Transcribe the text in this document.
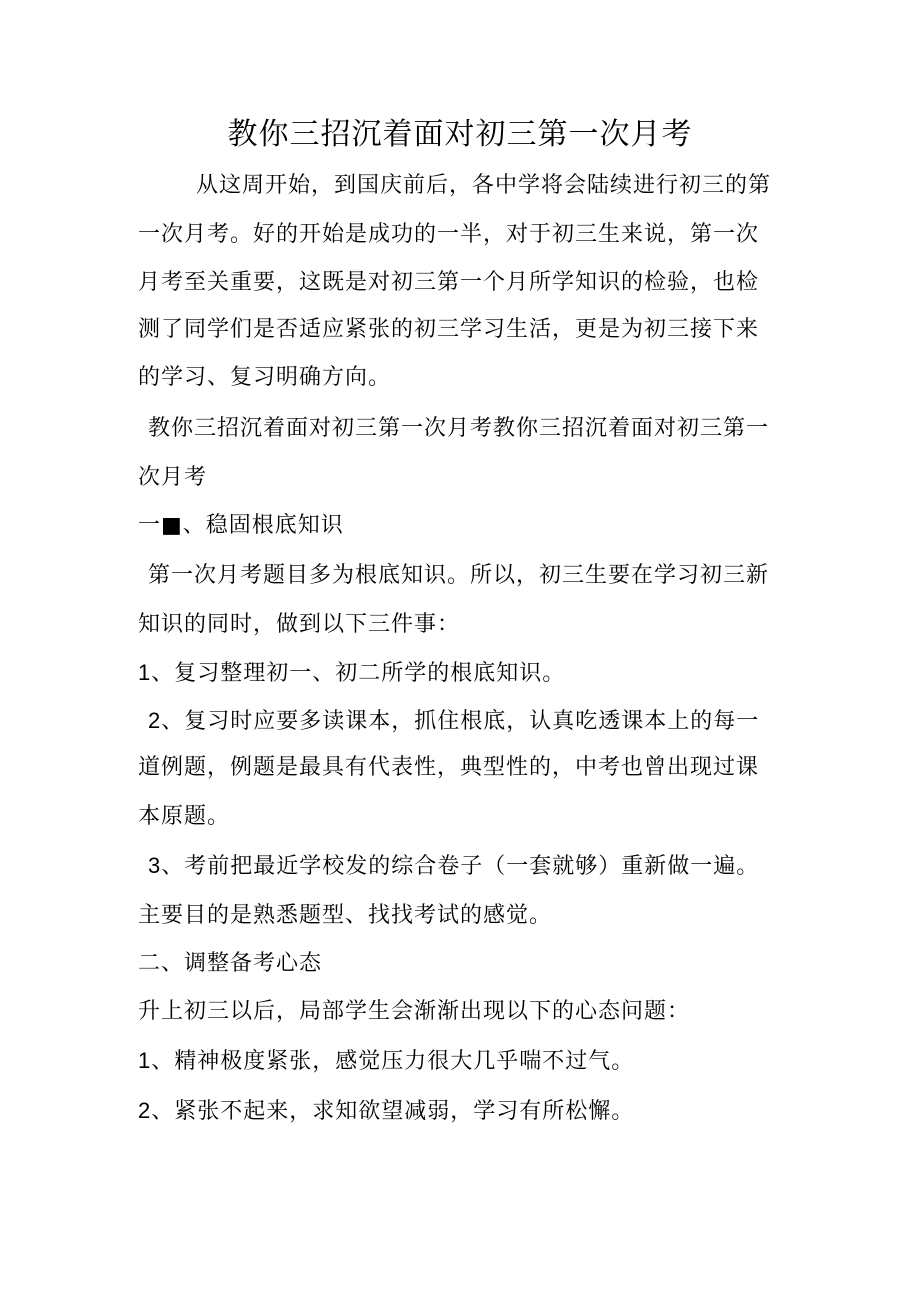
教你三招沉着面对初三第一次月考
从这周开始，到国庆前后，各中学将会陆续进行初三的第
一次月考。好的开始是成功的一半，对于初三生来说，第一次
月考至关重要，这既是对初三第一个月所学知识的检验，也检
测了同学们是否适应紧张的初三学习生活，更是为初三接下来
的学习、复习明确方向。
教你三招沉着面对初三第一次月考教你三招沉着面对初三第一
次月考
一■、稳固根底知识
第一次月考题目多为根底知识。所以，初三生要在学习初三新
知识的同时，做到以下三件事：
1、复习整理初一、初二所学的根底知识。
2、复习时应要多读课本，抓住根底，认真吃透课本上的每一
道例题，例题是最具有代表性，典型性的，中考也曾出现过课
本原题。
3、考前把最近学校发的综合卷子（一套就够）重新做一遍。
主要目的是熟悉题型、找找考试的感觉。
二、调整备考心态
升上初三以后，局部学生会渐渐出现以下的心态问题：
1、精神极度紧张，感觉压力很大几乎喘不过气。
2、紧张不起来，求知欲望减弱，学习有所松懈。
